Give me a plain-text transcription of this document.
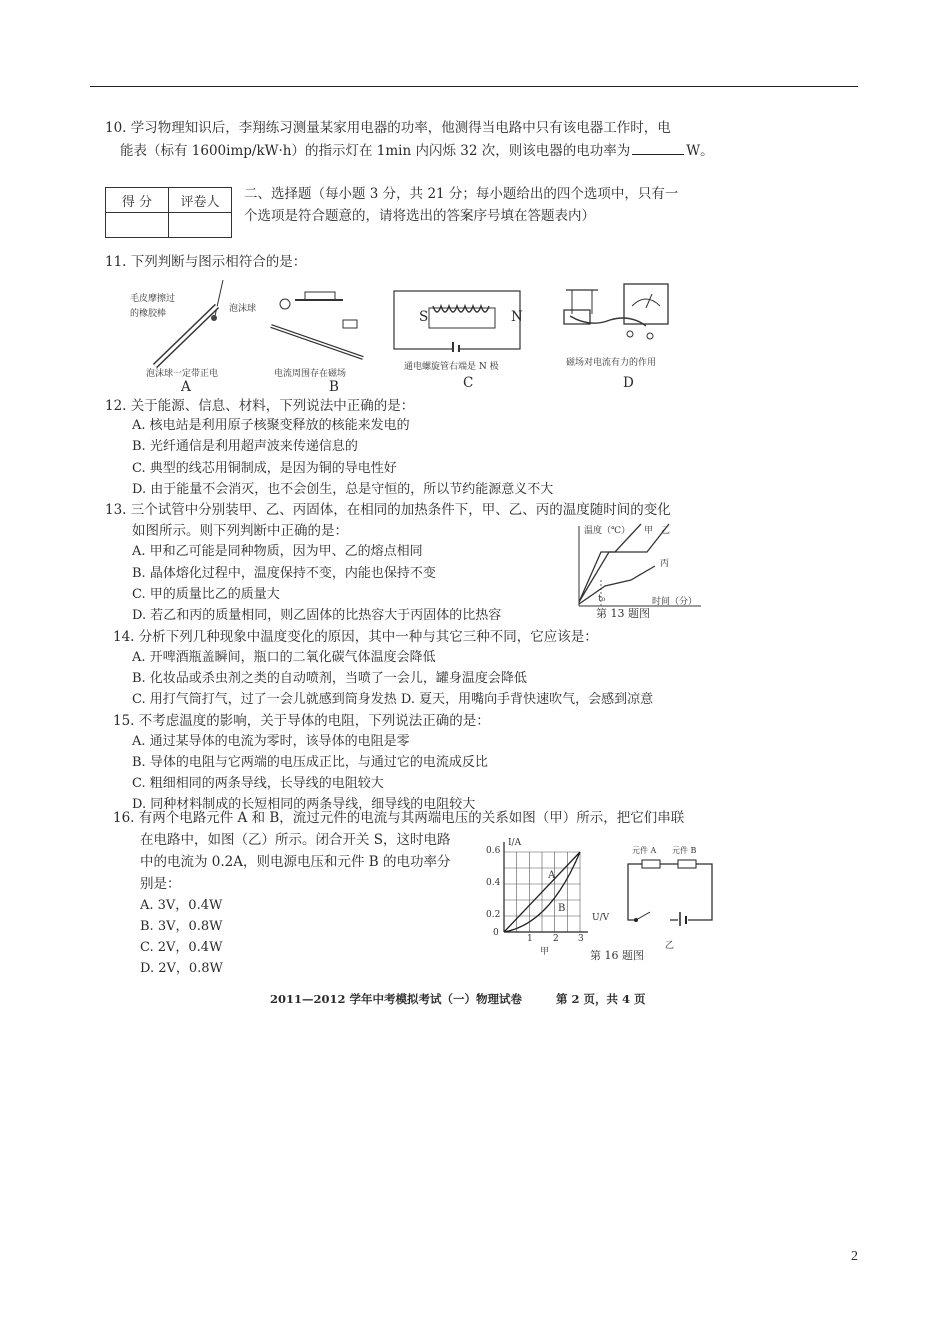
10. 学习物理知识后，李翔练习测量某家用电器的功率，他测得当电路中只有该电器工作时，电
能表（标有 1600imp/kW·h）的指示灯在 1min 内闪烁 32 次，则该电器的电功率为	W。
得 分	评卷人
	二、选择题（每小题 3 分，共 21 分；每小题给出的四个选项中，只有一
个选项是符合题意的，请将选出的答案序号填在答题表内）
11. 下列判断与图示相符合的是：
毛皮摩擦过
的橡胶棒	泡沫球
泡沫球一定带正电
A
电流周围存在磁场
B
S	N
通电螺旋管右端是 N 极
C
磁场对电流有力的作用
D
12. 关于能源、信息、材料，下列说法中正确的是：
A. 核电站是利用原子核聚变释放的核能来发电的
B. 光纤通信是利用超声波来传递信息的
C. 典型的线芯用铜制成，是因为铜的导电性好
D. 由于能量不会消灭，也不会创生，总是守恒的，所以节约能源意义不大
13. 三个试管中分别装甲、乙、丙固体，在相同的加热条件下，甲、乙、丙的温度随时间的变化
如图所示。则下列判断中正确的是：
A. 甲和乙可能是同种物质，因为甲、乙的熔点相同
B. 晶体熔化过程中，温度保持不变，内能也保持不变
C. 甲的质量比乙的质量大
D. 若乙和丙的质量相同，则乙固体的比热容大于丙固体的比热容
温度（℃） 甲 乙
丙
t₀	时间（分）
第 13 题图
14. 分析下列几种现象中温度变化的原因，其中一种与其它三种不同，它应该是：
A. 开啤酒瓶盖瞬间，瓶口的二氧化碳气体温度会降低
B. 化妆品或杀虫剂之类的自动喷剂，当喷了一会儿，罐身温度会降低
C. 用打气筒打气，过了一会儿就感到筒身发热 D. 夏天，用嘴向手背快速吹气，会感到凉意
15. 不考虑温度的影响，关于导体的电阻，下列说法正确的是：
A. 通过某导体的电流为零时，该导体的电阻是零
B. 导体的电阻与它两端的电压成正比，与通过它的电流成反比
C. 粗细相同的两条导线，长导线的电阻较大
D. 同种材料制成的长短相同的两条导线，细导线的电阻较大
16. 有两个电路元件 A 和 B，流过元件的电流与其两端电压的关系如图（甲）所示，把它们串联
在电路中，如图（乙）所示。闭合开关 S，这时电路
中的电流为 0.2A，则电源电压和元件 B 的电功率分
别是：
A. 3V，0.4W
B. 3V，0.8W
C. 2V，0.4W
D. 2V，0.8W
0.6
0.4
0.2
0
I/A
U/V
1 2 3
A
B
甲
元件 A 元件 B
乙
第 16 题图
2011—2012 学年中考模拟考试（一）物理试卷	第 2 页，共 4 页
2
